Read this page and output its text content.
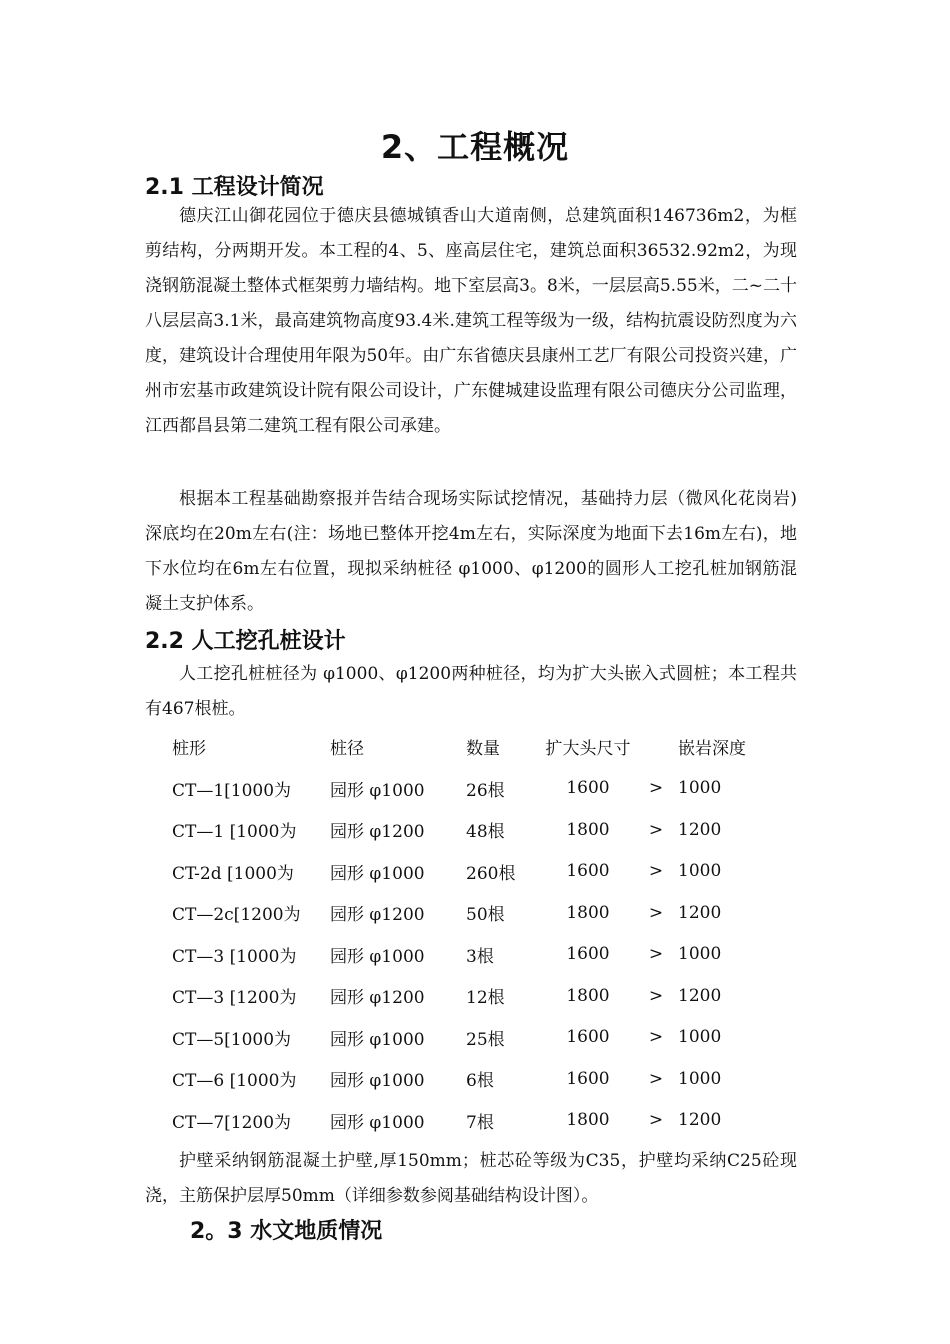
2、工程概况
2.1 工程设计简况

德庆江山御花园位于德庆县德城镇香山大道南侧，总建筑面积146736m2，为框剪结构，分两期开发。本工程的4、5、座高层住宅，建筑总面积36532.92m2，为现浇钢筋混凝土整体式框架剪力墙结构。地下室层高3。8米，一层层高5.55米，二~二十八层层高3.1米，最高建筑物高度93.4米.建筑工程等级为一级，结构抗震设防烈度为六度，建筑设计合理使用年限为50年。由广东省德庆县康州工艺厂有限公司投资兴建，广州市宏基市政建筑设计院有限公司设计，广东健城建设监理有限公司德庆分公司监理，江西都昌县第二建筑工程有限公司承建。

根据本工程基础勘察报并告结合现场实际试挖情况，基础持力层（微风化花岗岩)深底均在20m左右(注：场地已整体开挖4m左右，实际深度为地面下去16m左右)，地下水位均在6m左右位置，现拟采纳桩径 φ1000、φ1200的圆形人工挖孔桩加钢筋混凝土支护体系。

2.2 人工挖孔桩设计

人工挖孔桩桩径为 φ1000、φ1200两种桩径，均为扩大头嵌入式圆桩；本工程共有467根桩。

桩形	桩径	数量	扩大头尺寸		嵌岩深度
CT—1[1000为	园形 φ1000	26根	1600	>	1000
CT—1 [1000为	园形 φ1200	48根	1800	>	1200
CT-2d [1000为	园形 φ1000	260根	1600	>	1000
CT—2c[1200为	园形 φ1200	50根	1800	>	1200
CT—3 [1000为	园形 φ1000	3根	1600	>	1000
CT—3 [1200为	园形 φ1200	12根	1800	>	1200
CT—5[1000为	园形 φ1000	25根	1600	>	1000
CT—6 [1000为	园形 φ1000	6根	1600	>	1000
CT—7[1200为	园形 φ1000	7根	1800	>	1200

护壁采纳钢筋混凝土护壁,厚150mm；桩芯砼等级为C35，护壁均采纳C25砼现浇，主筋保护层厚50mm（详细参数参阅基础结构设计图）。

2。3 水文地质情况
